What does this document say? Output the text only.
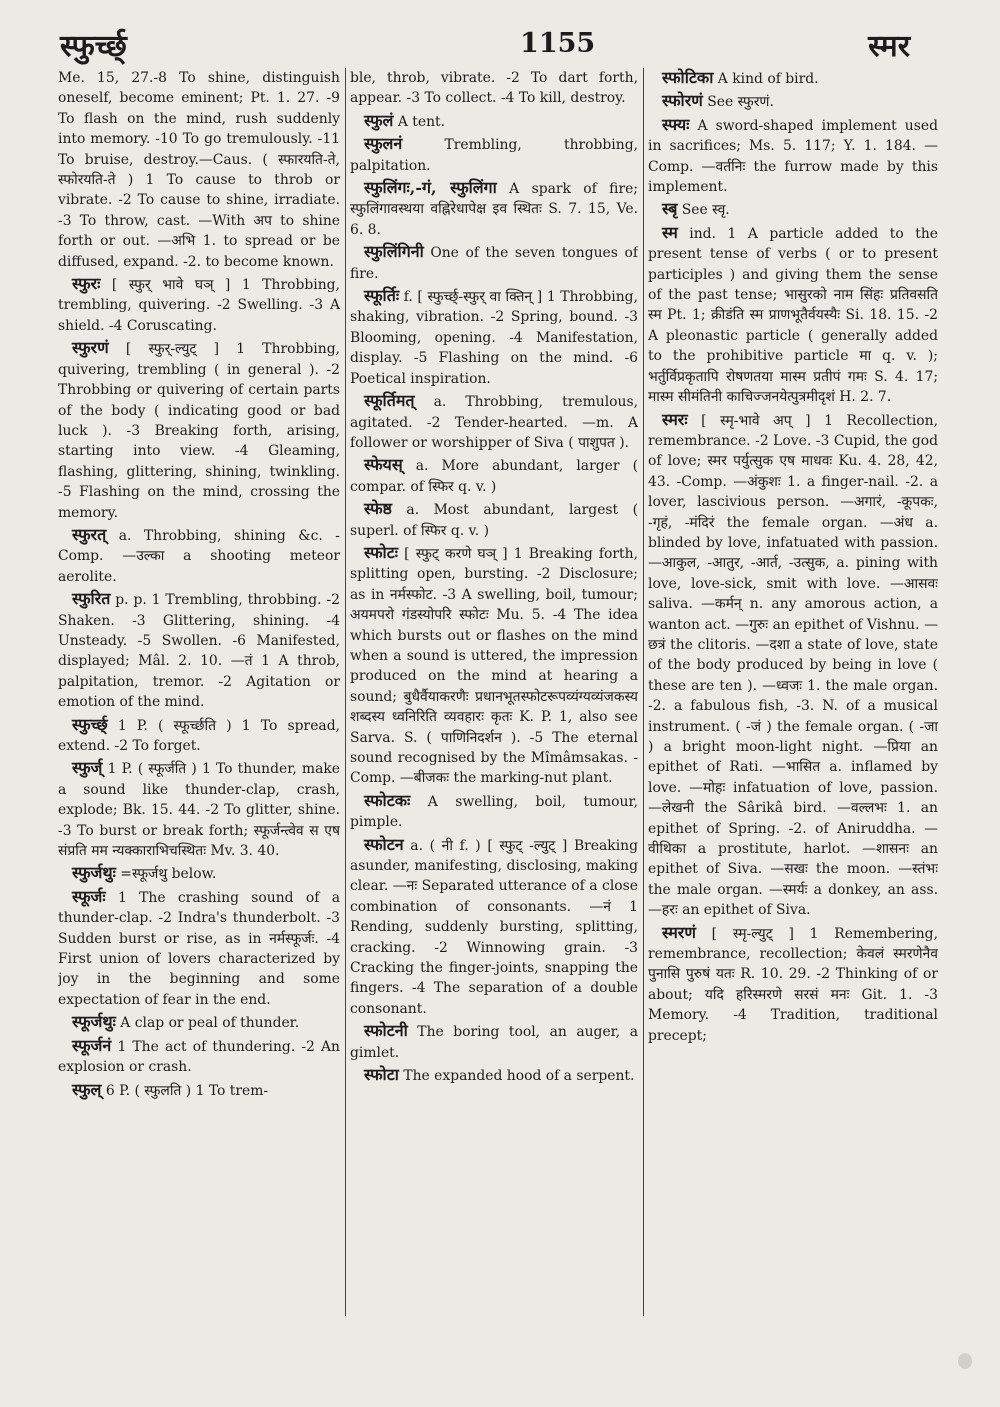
स्फुर्च्छ्	1155	स्मर

Me. 15, 27.-8 To shine, distinguish oneself, become eminent; Pt. 1. 27. -9 To flash on the mind, rush suddenly into memory. -10 To go tremulously. -11 To bruise, destroy.—Caus. ( स्फारयति-ते, स्फोरयति-ते ) 1 To cause to throb or vibrate. -2 To cause to shine, irradiate. -3 To throw, cast. —With अप to shine forth or out. —अभि 1. to spread or be diffused, expand. -2. to become known.

स्फुरः [ स्फुर् भावे घञ् ] 1 Throbbing, trembling, quivering. -2 Swelling. -3 A shield. -4 Coruscating.

स्फुरणं [ स्फुर्-ल्युट् ] 1 Throbbing, quivering, trembling ( in general ). -2 Throbbing or quivering of certain parts of the body ( indicating good or bad luck ). -3 Breaking forth, arising, starting into view. -4 Gleaming, flashing, glittering, shining, twinkling. -5 Flashing on the mind, crossing the memory.

स्फुरत् a. Throbbing, shining &c. -Comp. —उल्का a shooting meteor aerolite.

स्फुरित p. p. 1 Trembling, throbbing. -2 Shaken. -3 Glittering, shining. -4 Unsteady. -5 Swollen. -6 Manifested, displayed; Mâl. 2. 10. —तं 1 A throb, palpitation, tremor. -2 Agitation or emotion of the mind.

स्फुर्च्छ् 1 P. ( स्फूर्च्छति ) 1 To spread, extend. -2 To forget.

स्फुर्ज् 1 P. ( स्फूर्जति ) 1 To thunder, make a sound like thunder-clap, crash, explode; Bk. 15. 44. -2 To glitter, shine. -3 To burst or break forth; स्फूर्जन्त्वेव स एष संप्रति मम न्यक्काराभिचस्थितः Mv. 3. 40.

स्फुर्जथुः =स्फूर्जथु below.

स्फूर्जः 1 The crashing sound of a thunder-clap. -2 Indra's thunderbolt. -3 Sudden burst or rise, as in नर्मस्फूर्जः. -4 First union of lovers characterized by joy in the beginning and some expectation of fear in the end.

स्फूर्जथुः A clap or peal of thunder.

स्फूर्जनं 1 The act of thundering. -2 An explosion or crash.

स्फुल् 6 P. ( स्फुलति ) 1 To trem-

ble, throb, vibrate. -2 To dart forth, appear. -3 To collect. -4 To kill, destroy.

स्फुलं A tent.

स्फुलनं Trembling, throbbing, palpitation.

स्फुलिंगः,-गं, स्फुलिंगा A spark of fire; स्फुलिंगावस्थया वह्निरेधापेक्ष इव स्थितः S. 7. 15, Ve. 6. 8.

स्फुलिंगिनी One of the seven tongues of fire.

स्फूर्तिः f. [ स्फुर्च्छ्-स्फुर् वा क्तिन् ] 1 Throbbing, shaking, vibration. -2 Spring, bound. -3 Blooming, opening. -4 Manifestation, display. -5 Flashing on the mind. -6 Poetical inspiration.

स्फूर्तिमत् a. Throbbing, tremulous, agitated. -2 Tender-hearted. —m. A follower or worshipper of Siva ( पाशुपत ).

स्फेयस् a. More abundant, larger ( compar. of स्फिर q. v. )

स्फेष्ठ a. Most abundant, largest ( superl. of स्फिर q. v. )

स्फोटः [ स्फुट् करणे घञ् ] 1 Breaking forth, splitting open, bursting. -2 Disclosure; as in नर्मस्फोट. -3 A swelling, boil, tumour; अयमपरो गंडस्योपरि स्फोटः Mu. 5. -4 The idea which bursts out or flashes on the mind when a sound is uttered, the impression produced on the mind at hearing a sound; बुधैर्वैयाकरणैः प्रधानभूतस्फोटरूपव्यंग्यव्यंजकस्य शब्दस्य ध्वनिरिति व्यवहारः कृतः K. P. 1, also see Sarva. S. ( पाणिनिदर्शन ). -5 The eternal sound recognised by the Mîmâmsakas. -Comp. —बीजकः the marking-nut plant.

स्फोटकः A swelling, boil, tumour, pimple.

स्फोटन a. ( नी f. ) [ स्फुट् -ल्युट् ] Breaking asunder, manifesting, disclosing, making clear. —नः Separated utterance of a close combination of consonants. —नं 1 Rending, suddenly bursting, splitting, cracking. -2 Winnowing grain. -3 Cracking the finger-joints, snapping the fingers. -4 The separation of a double consonant.

स्फोटनी The boring tool, an auger, a gimlet.

स्फोटा The expanded hood of a serpent.

स्फोटिका A kind of bird.

स्फोरणं See स्फुरणं.

स्फ्यः A sword-shaped implement used in sacrifices; Ms. 5. 117; Y. 1. 184. —Comp. —वर्तनिः the furrow made by this implement.

स्बृ See स्वृ.

स्म ind. 1 A particle added to the present tense of verbs ( or to present participles ) and giving them the sense of the past tense; भासुरको नाम सिंहः प्रतिवसति स्म Pt. 1; क्रीडंति स्म प्राणभूतैर्वयस्यैः Si. 18. 15. -2 A pleonastic particle ( generally added to the prohibitive particle मा q. v. ); भर्तुर्विप्रकृतापि रोषणतया मास्म प्रतीपं गमः S. 4. 17; मास्म सीमंतिनी काचिज्जनयेत्पुत्रमीदृशं H. 2. 7.

स्मरः [ स्मृ-भावे अप् ] 1 Recollection, remembrance. -2 Love. -3 Cupid, the god of love; स्मर पर्युत्सुक एष माधवः Ku. 4. 28, 42, 43. -Comp. —अंकुशः 1. a finger-nail. -2. a lover, lascivious person. —अगारं, -कूपकः, -गृहं, -मंदिरं the female organ. —अंध a. blinded by love, infatuated with passion. —आकुल, -आतुर, -आर्त, -उत्सुक, a. pining with love, love-sick, smit with love. —आसवः saliva. —कर्मन् n. any amorous action, a wanton act. —गुरुः an epithet of Vishnu. —छत्रं the clitoris. —दशा a state of love, state of the body produced by being in love ( these are ten ). —ध्वजः 1. the male organ. -2. a fabulous fish, -3. N. of a musical instrument. ( -जं ) the female organ. ( -जा ) a bright moon-light night. —प्रिया an epithet of Rati. —भासित a. inflamed by love. —मोहः infatuation of love, passion. —लेखनी the Sârikâ bird. —वल्लभः 1. an epithet of Spring. -2. of Aniruddha. —वीथिका a prostitute, harlot. —शासनः an epithet of Siva. —सखः the moon. —स्तंभः the male organ. —स्मर्यः a donkey, an ass. —हरः an epithet of Siva.

स्मरणं [ स्मृ-ल्युट् ] 1 Remembering, remembrance, recollection; केवलं स्मरणेनैव पुनासि पुरुषं यतः R. 10. 29. -2 Thinking of or about; यदि हरिस्मरणे सरसं मनः Git. 1. -3 Memory. -4 Tradition, traditional precept;
